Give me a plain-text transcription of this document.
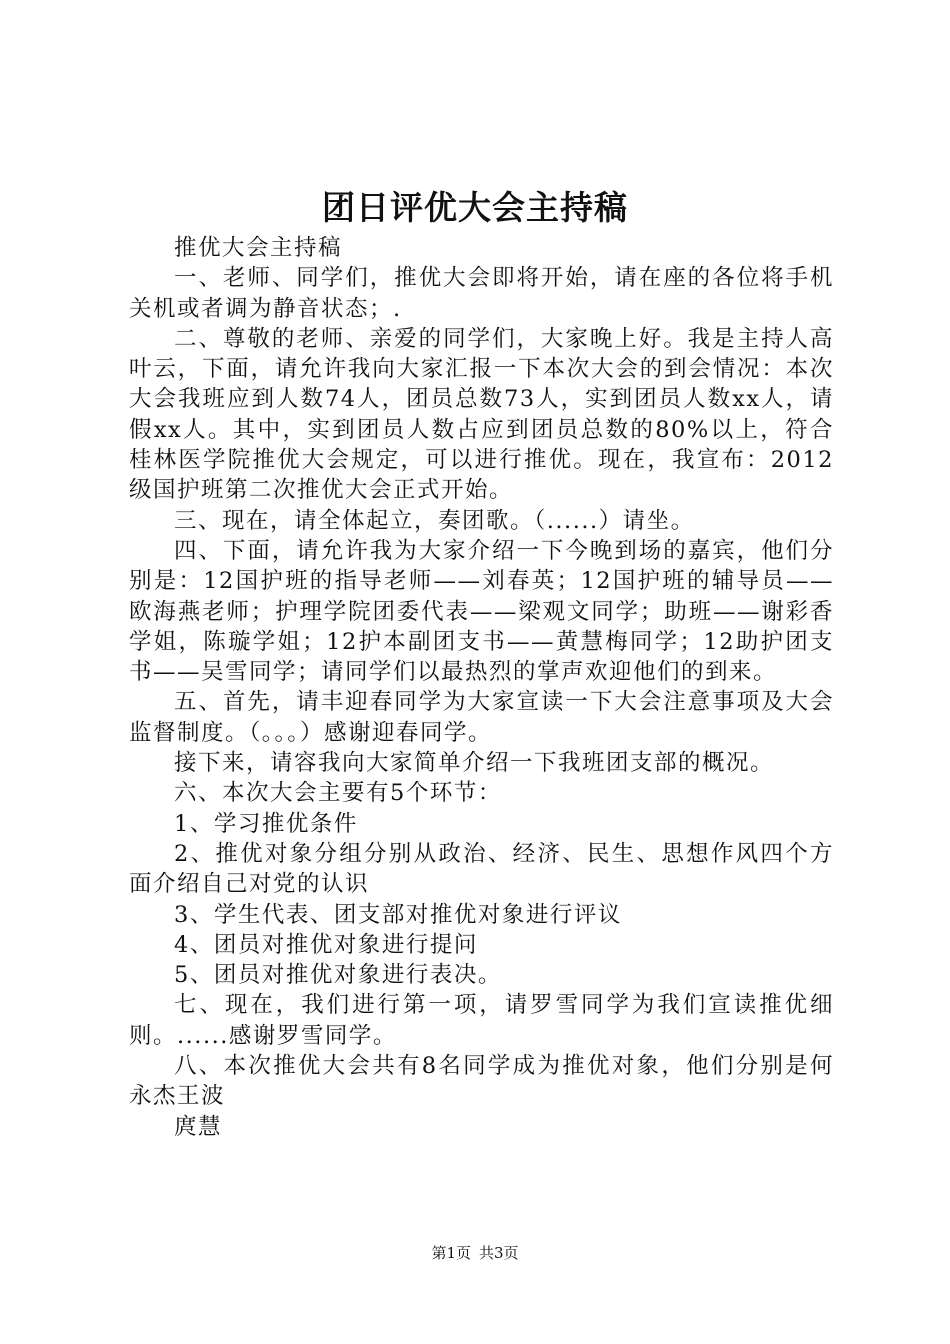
团日评优大会主持稿

推优大会主持稿

一、老师、同学们，推优大会即将开始，请在座的各位将手机关机或者调为静音状态；.

二、尊敬的老师、亲爱的同学们，大家晚上好。我是主持人高叶云，下面，请允许我向大家汇报一下本次大会的到会情况：本次大会我班应到人数74人，团员总数73人，实到团员人数xx人，请假xx人。其中，实到团员人数占应到团员总数的80%以上，符合桂林医学院推优大会规定，可以进行推优。现在，我宣布：2012级国护班第二次推优大会正式开始。

三、现在，请全体起立，奏团歌。（......）请坐。

四、下面，请允许我为大家介绍一下今晚到场的嘉宾，他们分别是：12国护班的指导老师——刘春英；12国护班的辅导员——欧海燕老师；护理学院团委代表——梁观文同学；助班——谢彩香学姐，陈璇学姐；12护本副团支书——黄慧梅同学；12助护团支书——吴雪同学；请同学们以最热烈的掌声欢迎他们的到来。

五、首先，请丰迎春同学为大家宣读一下大会注意事项及大会监督制度。（。。。）感谢迎春同学。

接下来，请容我向大家简单介绍一下我班团支部的概况。

六、本次大会主要有5个环节：

1、学习推优条件

2、推优对象分组分别从政治、经济、民生、思想作风四个方面介绍自己对党的认识

3、学生代表、团支部对推优对象进行评议

4、团员对推优对象进行提问

5、团员对推优对象进行表决。

七、现在，我们进行第一项，请罗雪同学为我们宣读推优细则。......感谢罗雪同学。

八、本次推优大会共有8名同学成为推优对象，他们分别是何永杰王波

庹慧

第1页 共3页
